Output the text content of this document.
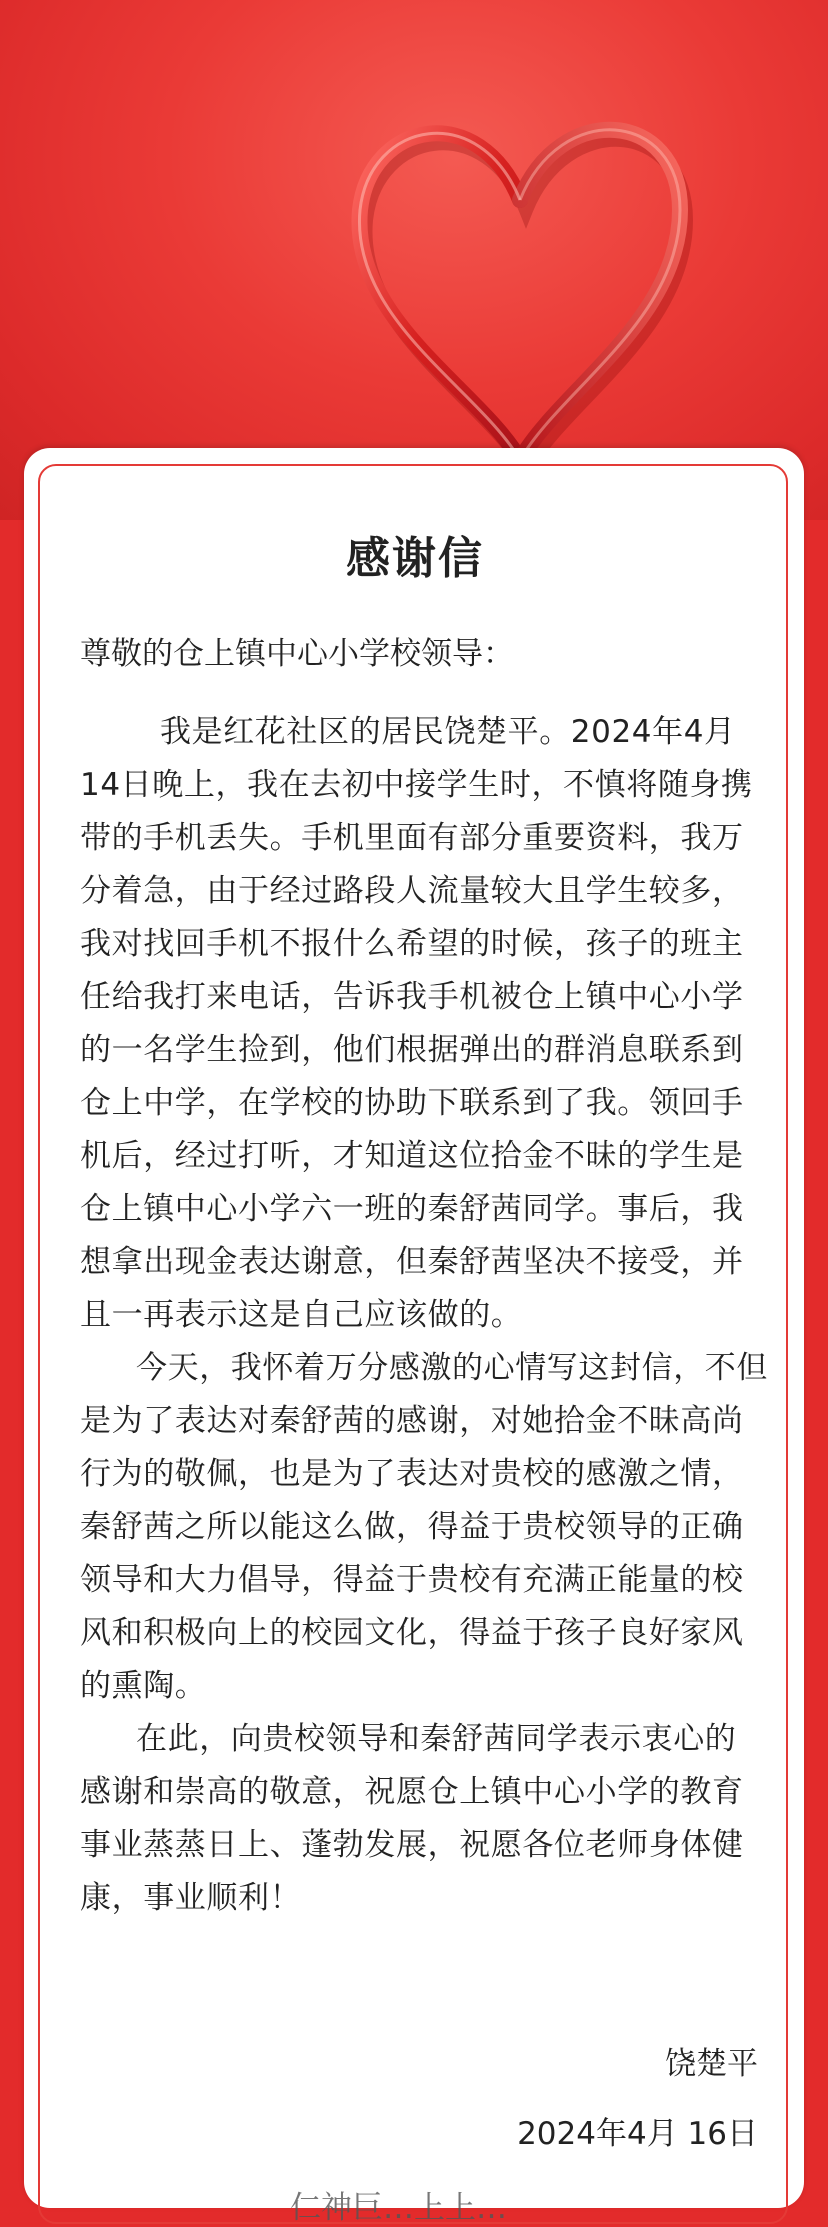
感谢信
尊敬的仓上镇中心小学校领导：

我是红花社区的居民饶楚平。2024年4月14日晚上，我在去初中接学生时，不慎将随身携带的手机丢失。手机里面有部分重要资料，我万分着急，由于经过路段人流量较大且学生较多，我对找回手机不报什么希望的时候，孩子的班主任给我打来电话，告诉我手机被仓上镇中心小学的一名学生捡到，他们根据弹出的群消息联系到仓上中学，在学校的协助下联系到了我。领回手机后，经过打听，才知道这位拾金不昧的学生是仓上镇中心小学六一班的秦舒茜同学。事后，我想拿出现金表达谢意，但秦舒茜坚决不接受，并且一再表示这是自己应该做的。

今天，我怀着万分感激的心情写这封信，不但是为了表达对秦舒茜的感谢，对她拾金不昧高尚行为的敬佩，也是为了表达对贵校的感激之情，秦舒茜之所以能这么做，得益于贵校领导的正确领导和大力倡导，得益于贵校有充满正能量的校风和积极向上的校园文化，得益于孩子良好家风的熏陶。

在此，向贵校领导和秦舒茜同学表示衷心的 感谢和崇高的敬意，祝愿仓上镇中心小学的教育事业蒸蒸日上、蓬勃发展，祝愿各位老师身体健康，事业顺利！

饶楚平
2024年4月 16日
仁神巨…上上…
